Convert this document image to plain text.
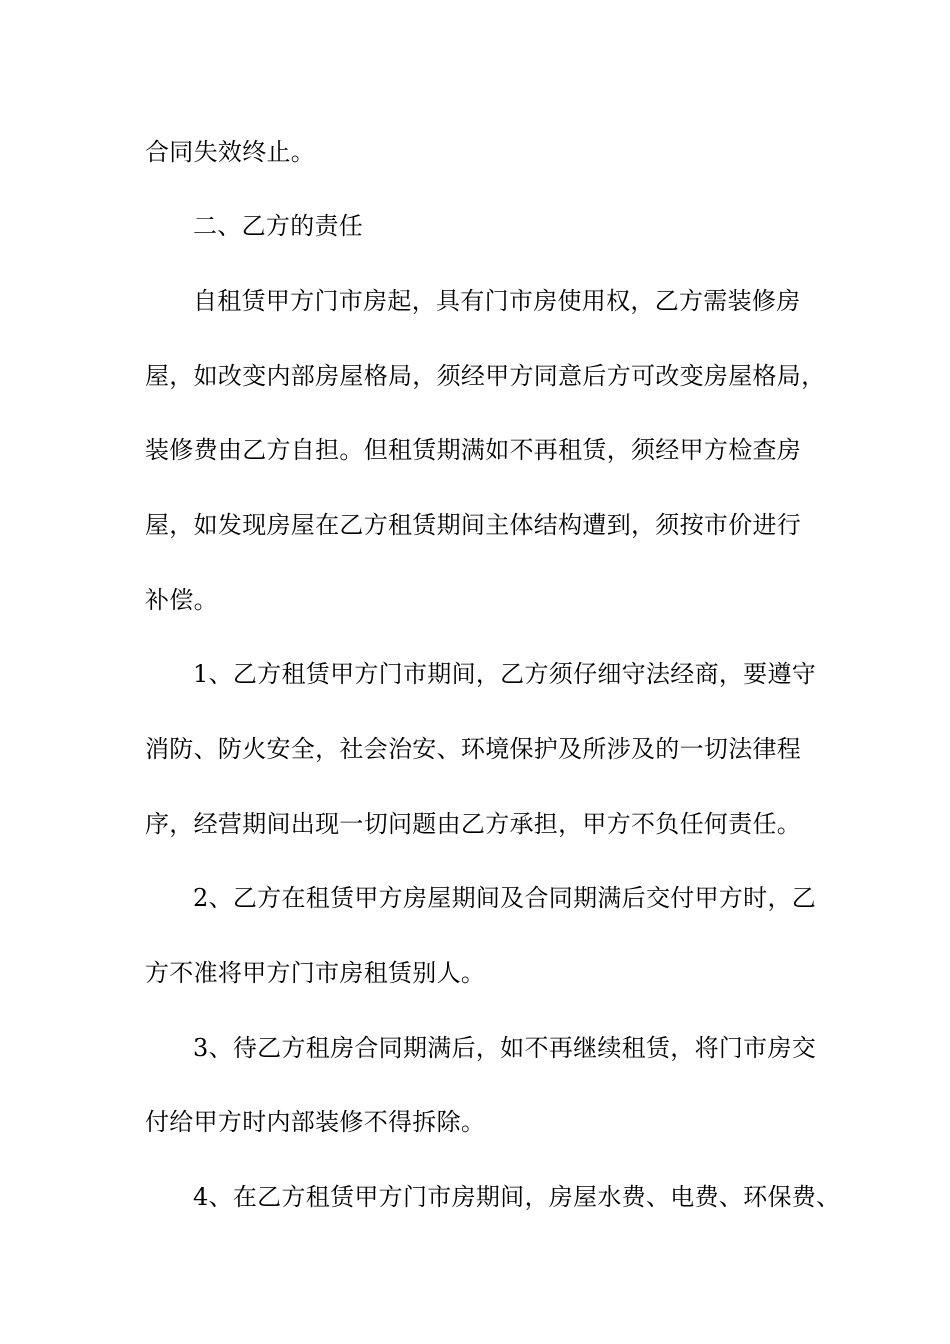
合同失效终止。
二、乙方的责任
自租赁甲方门市房起，具有门市房使用权，乙方需装修房
屋，如改变内部房屋格局，须经甲方同意后方可改变房屋格局，
装修费由乙方自担。但租赁期满如不再租赁，须经甲方检查房
屋，如发现房屋在乙方租赁期间主体结构遭到，须按市价进行
补偿。
1、乙方租赁甲方门市期间，乙方须仔细守法经商，要遵守
消防、防火安全，社会治安、环境保护及所涉及的一切法律程
序，经营期间出现一切问题由乙方承担，甲方不负任何责任。
2、乙方在租赁甲方房屋期间及合同期满后交付甲方时，乙
方不准将甲方门市房租赁别人。
3、待乙方租房合同期满后，如不再继续租赁，将门市房交
付给甲方时内部装修不得拆除。
4、在乙方租赁甲方门市房期间，房屋水费、电费、环保费、
